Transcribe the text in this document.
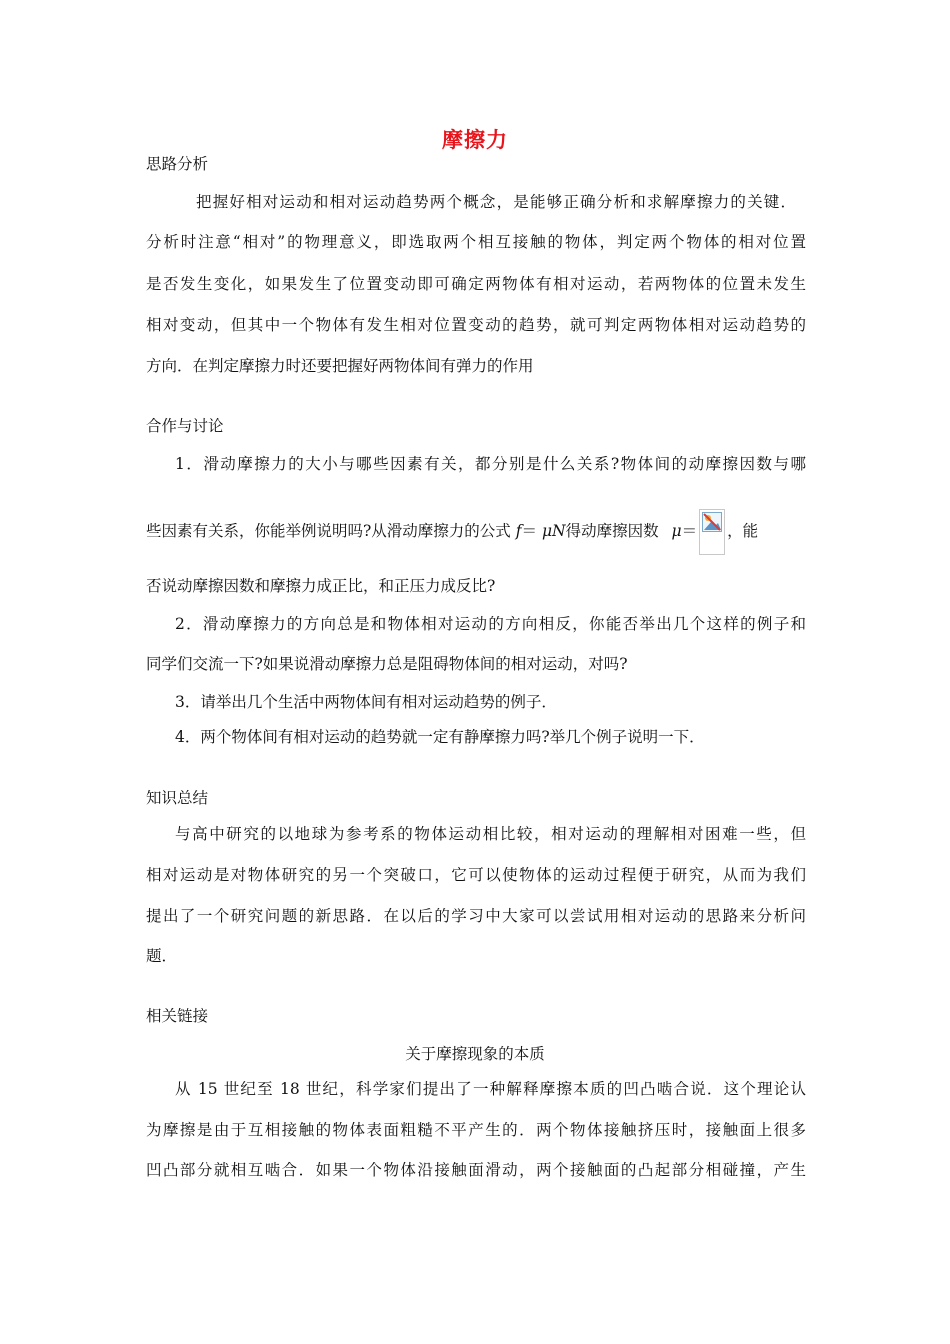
摩擦力
思路分析
把握好相对运动和相对运动趋势两个概念，是能够正确分析和求解摩擦力的关键．
分析时注意“相对”的物理意义，即选取两个相互接触的物体，判定两个物体的相对位置
是否发生变化，如果发生了位置变动即可确定两物体有相对运动，若两物体的位置未发生
相对变动，但其中一个物体有发生相对位置变动的趋势，就可判定两物体相对运动趋势的
方向．在判定摩擦力时还要把握好两物体间有弹力的作用
合作与讨论
1．滑动摩擦力的大小与哪些因素有关，都分别是什么关系?物体间的动摩擦因数与哪
些因素有关系，你能举例说明吗?从滑动摩擦力的公式 f＝ μN得动摩擦因数 μ＝ ，能
否说动摩擦因数和摩擦力成正比，和正压力成反比?
2．滑动摩擦力的方向总是和物体相对运动的方向相反，你能否举出几个这样的例子和
同学们交流一下?如果说滑动摩擦力总是阻碍物体间的相对运动，对吗?
3．请举出几个生活中两物体间有相对运动趋势的例子．
4．两个物体间有相对运动的趋势就一定有静摩擦力吗?举几个例子说明一下．
知识总结
与高中研究的以地球为参考系的物体运动相比较，相对运动的理解相对困难一些，但
相对运动是对物体研究的另一个突破口，它可以使物体的运动过程便于研究，从而为我们
提出了一个研究问题的新思路．在以后的学习中大家可以尝试用相对运动的思路来分析问
题．
相关链接
关于摩擦现象的本质
从 15 世纪至 18 世纪，科学家们提出了一种解释摩擦本质的凹凸啮合说．这个理论认
为摩擦是由于互相接触的物体表面粗糙不平产生的．两个物体接触挤压时，接触面上很多
凹凸部分就相互啮合．如果一个物体沿接触面滑动，两个接触面的凸起部分相碰撞，产生
